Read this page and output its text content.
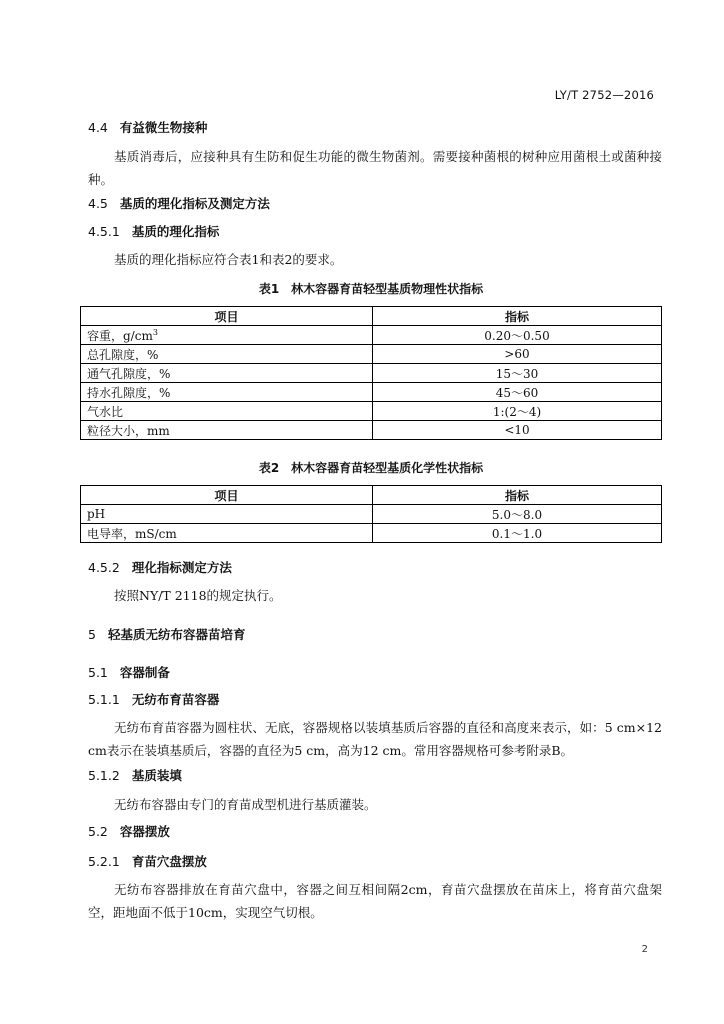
LY/T 2752—2016
4.4 有益微生物接种
基质消毒后，应接种具有生防和促生功能的微生物菌剂。需要接种菌根的树种应用菌根土或菌种接种。
4.5 基质的理化指标及测定方法
4.5.1 基质的理化指标
基质的理化指标应符合表1和表2的要求。
表1　林木容器育苗轻型基质物理性状指标
项目	指标
容重，$g/cm^3$	0.20～0.50
总孔隙度，%	>60
通气孔隙度，%	15～30
持水孔隙度，%	45～60
气水比	1:(2～4)
粒径大小，mm	<10
表2　林木容器育苗轻型基质化学性状指标
项目	指标
pH	5.0～8.0
电导率，mS/cm	0.1～1.0
4.5.2 理化指标测定方法
按照NY/T 2118的规定执行。
5 轻基质无纺布容器苗培育
5.1 容器制备
5.1.1 无纺布育苗容器
无纺布育苗容器为圆柱状、无底，容器规格以装填基质后容器的直径和高度来表示，如：5 cm×12 cm表示在装填基质后，容器的直径为5 cm，高为12 cm。常用容器规格可参考附录B。
5.1.2 基质装填
无纺布容器由专门的育苗成型机进行基质灌装。
5.2 容器摆放
5.2.1 育苗穴盘摆放
无纺布容器排放在育苗穴盘中，容器之间互相间隔2cm，育苗穴盘摆放在苗床上，将育苗穴盘架空，距地面不低于10cm，实现空气切根。
2
